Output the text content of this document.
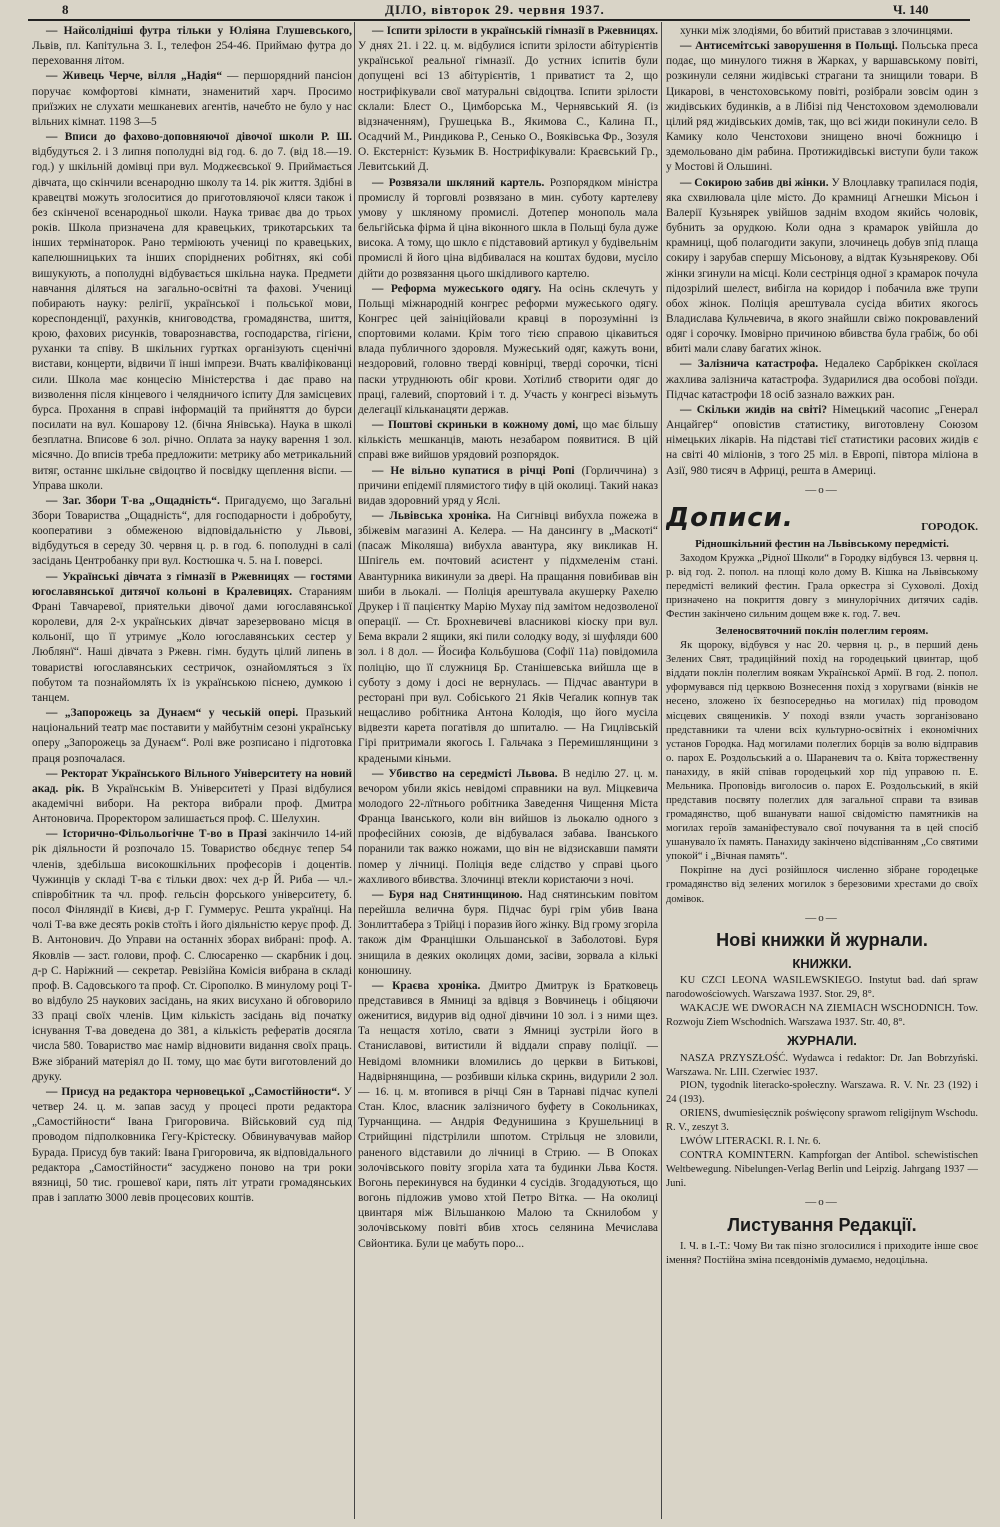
8	ДІЛО, вівторок 29. червня 1937.	Ч. 140

— Найсолідніші футра тільки у Юліяна Глушевського, Львів, пл. Капітульна 3. І., телефон 254-46. Приймаю футра до переховання літом.

— Живець Черче, вілля „Надія“ — першорядний пансіон поручає комфортові кімнати, знаменитий харч. Просимо приїзжих не слухати мешканевих агентів, начебто не було у нас вільних кімнат. 1198 3—5

— Вписи до фахово-доповняючої дівочої школи Р. Ш. відбудуться 2. і 3 липня пополудні від год. 6. до 7. (від 18.—19. год.) у шкільній домівці при вул. Моджеєвської 9. Приймається дівчата, що скінчили всенародню школу та 14. рік життя. Здібні в кравецтві можуть зголоситися до приготовляючої кляси також і без скінченої всенародньої школи. Наука триває два до трьох років. Школа призначена для кравецьких, трикотарських та інших термінаторок. Рано терміюють учениці по кравецьких, капелюшницьких та інших споріднених робітнях, які собі вишукують, а пополудні відбувається шкільна наука. Предмети навчання діляться на загально-освітні та фахові. Учениці побирають науку: релігії, української і польської мови, кореспонденції, рахунків, книговодства, громадянства, шиття, крою, фахових рисунків, товарознавства, господарства, гігієни, руханки та співу. В шкільних гуртках організують сценічні вистави, концерти, відвичи її інші імпрези. Вчать кваліфікованці сили. Школа має концесію Міністерства і дає право на визволення після кінцевого і челядничого іспиту Для замісцевих бурса. Прохання в справі інформацій та прийняття до бурси посилати на вул. Кошарову 12. (бічна Янівська). Наука в школі безплатна. Вписове 6 зол. річно. Оплата за науку варення 1 зол. місячно. До вписів треба предложити: метрику або метрикальний витяг, останнє шкільне свідоцтво й посвідку щеплення віспи. — Управа школи.

— Заг. Збори Т-ва „Ощадність“. Пригадуємо, що Загальні Збори Товариства „Ощадність“, для господарности і добробуту, кооперативи з обмеженою відповідальністю у Львові, відбудуться в середу 30. червня ц. р. в год. 6. пополудні в салі засідань Центробанку при вул. Костюшка ч. 5. на І. поверсі.

— Українські дівчата з гімназії в Ржевницях — гостями югославянської дитячої кольоні в Кралевицях. Стараниям Франі Тавчаревої, приятельки дівочої дами югославянської королеви, для 2-х українських дівчат зарезервовано місця в кольонії, що її утримує „Коло югославянських сестер у Люблянї“. Наші дівчата з Ржевн. гімн. будуть цілий липень в товаристві югославянських сестричок, ознайомляться з їх побутом та познайомлять їх із українською піснею, думкою і танцем.

— „Запорожець за Дунаєм“ у чеській опері. Празький національний театр має поставити у майбутнім сезоні українську оперу „Запорожець за Дунаєм“. Ролі вже розписано і підготовка праця розпочалася.

— Ректорат Українського Вільного Університету на новий акад. рік. В Українськім В. Університеті у Празі відбулися академічні вибори. На ректора вибрали проф. Дмитра Антоновича. Проректором залишається проф. С. Шелухин.

— Історично-Фільольогічне Т-во в Празі закінчило 14-ий рік діяльности й розпочало 15. Товариство обєднує тепер 54 членів, здебільша високошкільних професорів і доцентів. Чужинців у складі Т-ва є тільки двох: чех д-р Й. Риба — чл.-співробітник та чл. проф. гельсін форського університету, б. посол Фінляндії в Києві, д-р Г. Гуммерус. Решта українці. На чолі Т-ва вже десять років стоїть і його діяльністю керує проф. Д. В. Антонович. До Управи на останніх зборах вибрані: проф. А. Яковлів — заст. голови, проф. С. Слюсаренко — скарбник і доц. д-р С. Наріжний — секретар. Ревізійна Комісія вибрана в складі проф. В. Садовського та проф. Ст. Сірополко. В минулому році Т-во відбуло 25 наукових засідань, на яких висухано й обговорило 33 праці своїх членів. Цим кількість засідань від початку існування Т-ва доведена до 381, а кількість рефератів досягла числа 580. Товариство має намір відновити видання своїх праць. Вже зібраний матеріял до ІІ. тому, що має бути виготовлений до друку.

— Присуд на редактора черновецької „Самостійности“. У четвер 24. ц. м. запав засуд у процесі проти редактора „Самостійности“ Івана Григоровича. Військовий суд під проводом підполковника Гегу-Крістеску. Обвинувачував майор Бурада. Присуд був такий: Івана Григоровича, як відповідального редактора „Самостійности“ засуджено поново на три роки вязниці, 50 тис. грошевої кари, пять літ утрати громадянських прав і заплатю 3000 левів процесових коштів.

— Іспити зрілости в українській гімназії в Ржевницях. У днях 21. і 22. ц. м. відбулися іспити зрілости абітурієнтів української реальної гімназії. До устних іспитів були допущені всі 13 абітурієнтів, 1 приватист та 2, що нострифікували свої матуральні свідоцтва. Іспити зрілости склали: Блест О., Цимборська М., Чернявський Я. (із відзначенням), Грушецька В., Якимова С., Калина П., Осадчий М., Риндикова Р., Сенько О., Вояківська Фр., Зозуля О. Екстерніст: Кузьмик В. Нострифікували: Краєвський Гр., Левитський Д.

— Розвязали шкляний картель. Розпорядком міністра промислу й торговлі розвязано в мин. суботу картелеву умову у шкляному промислі. Дотепер монополь мала бельгійська фірма й ціна віконного шкла в Польщі була дуже висока. А тому, що шкло є підставовий артикул у будівельнім промислі й його ціна відбивалася на коштах будови, мусіло дійти до розвязання цього шкідливого картелю.

— Реформа мужеського одягу. На осінь склечуть у Польщі міжнародній конгрес реформи мужеського одягу. Конгрес цей заініційовали кравці в порозумінні із спортовими колами. Крім того тією справою цікавиться влада публичного здоровля. Мужеський одяг, кажуть вони, нездоровий, головно тверді ковнірці, тверді сорочки, тісні паски утруднюють обіг крови. Хотілиб створити одяг до праці, галевий, спортовий і т. д. Участь у конгресі візьмуть делегації кільканацяти держав.

— Поштові скриньки в кожному домі, що має більшу кількість мешканців, мають незабаром появитися. В цій справі вже вийшов урядовий розпорядок.

— Не вільно купатися в річці Ропі (Горличчина) з причини епідемії плямистого тифу в цій околиці. Такий наказ видав здоровний уряд у Яслі.

— Львівська хроніка. На Сигнівці вибухла пожежа в збіжевім магазині А. Келера. — На дансингу в „Маскоті“ (пасаж Міколяша) вибухла авантура, яку викликав Н. Шпігель ем. почтовий асистент у підхмеленім стані. Авантурника викинули за двері. На пращання повибивав він шиби в льокалі. — Поліція арештувала акушерку Рахелю Друкер і її пацієнтку Марію Мухау під замітом недозволеної операції. — Ст. Брохневичеві власникові кіоску при вул. Бема вкрали 2 ящики, які пили солодку воду, зі шуфляди 600 зол. і 8 дол. — Йосифа Кольбушова (Софії 11а) повідомила поліцію, що її служниця Бр. Станішевська вийшла ще в суботу з дому і досі не вернулась. — Підчас авантури в ресторані при вул. Собіського 21 Яків Чеґалик копнув так нещасливо робітника Антона Колодія, що його мусіла відвезти карета погатівля до шпиталю. — На Гицлівській Гірі притримали якогось І. Гальчака з Перемишлянщини з крадеными кіньми.

— Убивство на середмісті Львова. В неділю 27. ц. м. вечором убили якісь невідомі справники на вул. Міцкевича молодого 22-лїтнього робітника Заведення Чищення Міста Франца Іванського, коли він вийшов із льокалю одного з професійних союзів, де відбувалася забава. Іванського поранили так важко ножами, що він не відзискавши памяти помер у лічниці. Поліція веде слідство у справі цього жахливого вбивства. Злочинці втекли користаючи з ночі.

— Буря над Снятинщиною. Над снятинським повітом перейшла велична буря. Підчас бурі грім убив Івана Зонлиттабера з Трійці і поразив його жінку. Від грому згоріла також дім Францішки Ольшанської в Заболотові. Буря знищила в деяких околицях доми, засіви, зорвала а кількі конюшину.

— Краєва хроніка. Дмитро Дмитрук із Братковець представився в Ямниці за вдівця з Вовчинець і обіцяючи оженитися, видурив від одної дівчини 10 зол. і з ними щез. Та нещастя хотіло, свати з Ямниці зустріли його в Станиславові, витистили й віддали справу поліції. — Невідомі вломники вломились до церкви в Битькові, Надвірнянщина, — розбивши кілька скринь, видурили 2 зол. — 16. ц. м. втопився в річці Сян в Тарнаві підчас купелі Стан. Клос, власник залізничого буфету в Сокольниках, Турчанщина. — Андрія Федунишина з Крушельниці в Стрийщині підстрілили шпотом. Стрільця не зловили, раненого відставили до лічниці в Стрию. — В Опоках золочівського повіту згоріла хата та будинки Льва Костя. Вогонь перекинувся на будинки 4 сусідів. Згодадуються, що вогонь підложив умово хтой Петро Вітка. — На околиці цвинтаря між Вільшанкою Малою та Скнилобом у золочівському повіті вбив хтось селянина Мечислава Свйонтика. Були це мабуть поро...

хунки між злодіями, бо вбитий приставав з злочинцями.

— Антисемітські заворушення в Польщі. Польська преса подає, що минулого тижня в Жарках, у варшавському повіті, розкинули селяни жидівські страгани та знищили товари. В Цикарові, в ченстоховському повіті, розібрали зовсім один з жидівських будинків, а в Лібізі під Ченстоховом здемолювали цілий ряд жидівських домів, так, що всі жиди покинули село. В Камику коло Ченстохови знищено вночі божницю і здемольовано дім рабина. Протижидівські виступи були також у Мостові й Ольшині.

— Сокирою забив дві жінки. У Влоцлавку трапилася подія, яка схвилювала ціле місто. До крамниці Агнешки Місьон і Валерії Кузьнярек увійшов заднім входом якийсь чоловік, бубнить за орудкою. Коли одна з крамарок увійшла до крамниці, щоб полагодити закупи, злочинець добув зпід плаща сокиру і зарубав спершу Місьонову, а відтак Кузьнярекову. Обі жінки згинули на місці. Коли сестрінця одної з крамарок почула підозрілий шелест, вибігла на коридор і побачила вже трупи обох жінок. Поліція арештувала сусіда вбитих якогось Владислава Кульчевича, в якого знайшли свіжо покровавлений одяг і сорочку. Імовірно причиною вбивства була грабіж, бо обі вбиті мали славу багатих жінок.

— Залізнича катастрофа. Недалеко Сарбріккен скоїлася жахлива залізнича катастрофа. Зударилися два особові поїзди. Підчас катастрофи 18 осіб зазнало важких ран.

— Скільки жидів на світі? Німецький часопис „Генерал Анцайгер“ оповістив статистику, виготовлену Союзом німецьких лікарів. На підставі тієї статистики расових жидів є на світі 40 міліонів, з того 25 міл. в Европі, півтора міліона в Азії, 980 тисяч в Африці, решта в Америці.

—o—
Дописи.	ГОРОДОК.
Рідношкільний фестин на Львівському передмісті.

Заходом Кружка „Рідної Школи“ в Городку відбувся 13. червня ц. р. від год. 2. попол. на площі коло дому В. Кішка на Львівському передмісті великий фестин. Грала оркестра зі Суховолі. Дохід призначено на покриття довгу з минулорічних дитячих садів. Фестин закінчено сильним дощем вже к. год. 7. веч.

Зеленосвяточний поклін полеглим героям.

Як щороку, відбувся у нас 20. червня ц. р., в перший день Зелених Свят, традиційний похід на городецький цвинтар, щоб віддати поклін полеглим воякам Української Армії. В год. 2. попол. уформувався під церквою Вознесення похід з хоругвами (вінків не несено, зложено їх безпосередньо на могилах) під проводом місцевих священиків. У поході взяли участь зорганізовано представники та члени всіх культурно-освітніх і економічних установ Городка. Над могилами полеглих борців за волю відправив о. парох Е. Роздольський а о. Шараневич та о. Квіта торжественну панахиду, в якій співав городецький хор під управою п. Е. Мельника. Проповідь виголосив о. парох Е. Роздольський, в якій представив посвяту полеглих для загальної справи та взивав громадянство, щоб вшанувати нашої свідомістю памятників на могилах героїв заманіфестувало свої почування та в цей спосіб ушанувало їх память. Панахиду закінчено відспіванням „Со святими упокой“ і „Вічная память“.

Покріпне на дусі розійшлося численно зібране городецьке громадянство від зелених могилок з березовими хрестами до своїх домівок.

—o—
Нові книжки й журнали.
КНИЖКИ.

KU CZCI LEONA WASILEWSKIEGO. Instytut bad. dań spraw narodowościowych. Warszawa 1937. Stor. 29, 8°.

WAKACJE WE DWORACH NA ZIEMIACH WSCHODNICH. Tow. Rozwoju Ziem Wschodnich. Warszawa 1937. Str. 40, 8°.

ЖУРНАЛИ.

NASZA PRZYSZŁOŚĆ. Wydawca i redaktor: Dr. Jan Bobrzyński. Warszawa. Nr. LIII. Czerwiec 1937.

PION, tygodnik literacko-społeczny. Warszawa. R. V. Nr. 23 (192) i 24 (193).

ORIENS, dwumiesięcznik poświęcony sprawom religijnym Wschodu. R. V., zeszyt 3.

LWÓW LITERACKI. R. I. Nr. 6.

CONTRA KOMINTERN. Kampforgan der Antibol. schewistischen Weltbewegung. Nibelungen-Verlag Berlin und Leipzig. Jahrgang 1937 — Juni.

—o—
Листування Редакції.

І. Ч. в І.-Т.: Чому Ви так пізно зголосилися і приходите інше своє імення? Постійна зміна псевдонімів думаємо, недоцільна.
